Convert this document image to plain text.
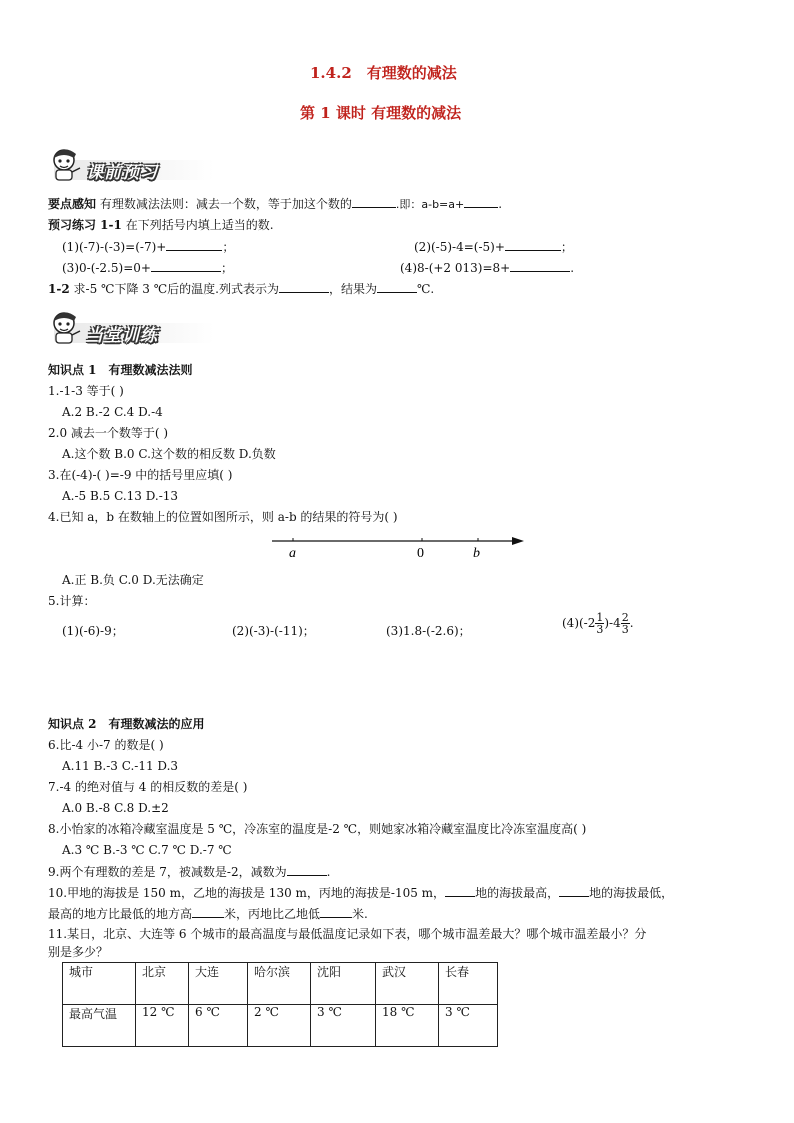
1.4.2　有理数的减法
第 1 课时 有理数的减法
课前预习
要点感知 有理数减法法则：减去一个数，等于加这个数的	.即：a-b=a+	.
预习练习 1-1 在下列括号内填上适当的数.
(1)(-7)-(-3)=(-7)+	；	(2)(-5)-4=(-5)+	；
(3)0-(-2.5)=0+	；	(4)8-(+2 013)=8+	.
1-2 求-5 ℃下降 3 ℃后的温度.列式表示为	，结果为	℃.
当堂训练
知识点 1　有理数减法法则
1.-1-3 等于( )
A.2 B.-2 C.4 D.-4
2.0 减去一个数等于( )
A.这个数 B.0 C.这个数的相反数 D.负数
3.在(-4)-( )=-9 中的括号里应填( )
A.-5 B.5 C.13 D.-13
4.已知 a，b 在数轴上的位置如图所示，则 a-b 的结果的符号为( )
a	0	b
A.正 B.负 C.0 D.无法确定
5.计算：
(1)(-6)-9；	(2)(-3)-(-11)；	(3)1.8-(-2.6)；
$(4)(-2 \frac{1}{3} )-4 \frac{2}{3}$ .
知识点 2　有理数减法的应用
6.比-4 小-7 的数是( )
A.11 B.-3 C.-11 D.3
7.-4 的绝对值与 4 的相反数的差是( )
A.0 B.-8 C.8 D.±2
8.小怡家的冰箱冷藏室温度是 5 ℃，冷冻室的温度是-2 ℃，则她家冰箱冷藏室温度比冷冻室温度高( )
A.3 ℃ B.-3 ℃ C.7 ℃ D.-7 ℃
9.两个有理数的差是 7，被减数是-2，减数为	.
10.甲地的海拔是 150 m，乙地的海拔是 130 m，丙地的海拔是-105 m，	地的海拔最高，	地的海拔最低，
最高的地方比最低的地方高	米，丙地比乙地低	米.
11.某日，北京、大连等 6 个城市的最高温度与最低温度记录如下表，哪个城市温差最大？哪个城市温差最小？分
别是多少？
城市	北京	大连	哈尔滨	沈阳	武汉	长春
最高气温	12 ℃	6 ℃	2 ℃	3 ℃	18 ℃	3 ℃
